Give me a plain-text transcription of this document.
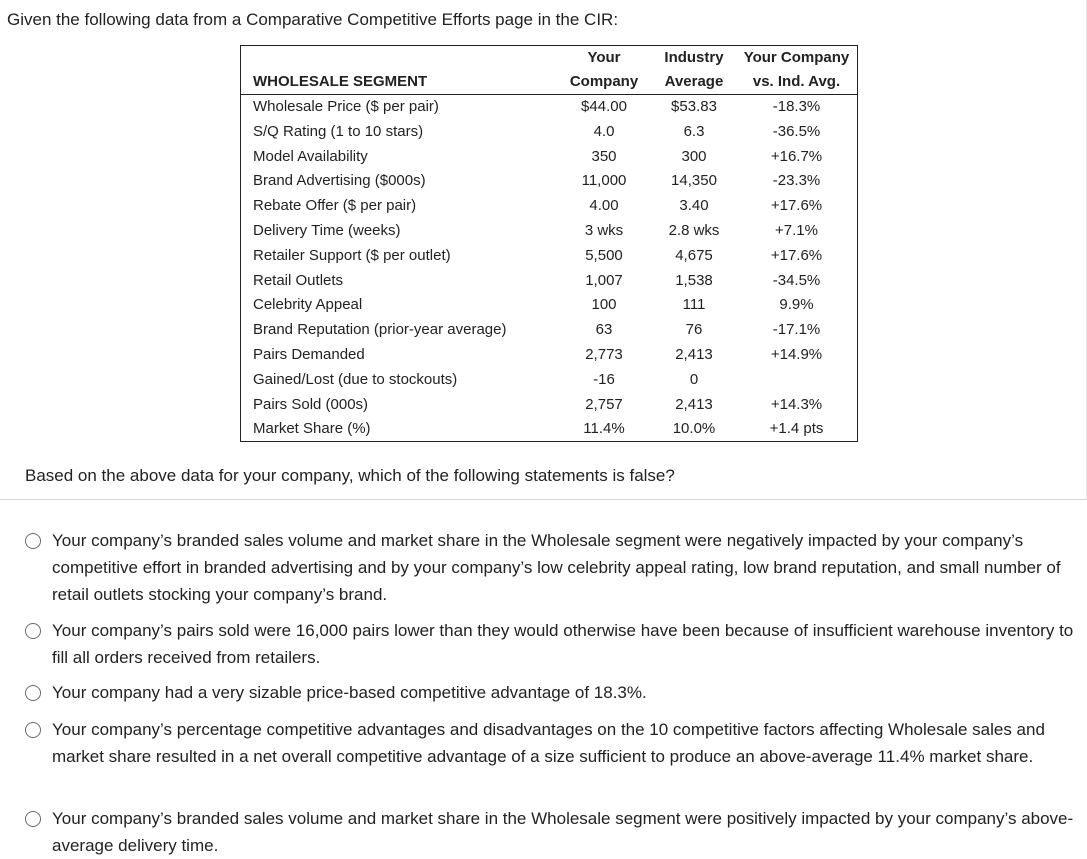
Given the following data from a Comparative Competitive Efforts page in the CIR:
	Your	Industry	Your Company
WHOLESALE SEGMENT	Company	Average	vs. Ind. Avg.
Wholesale Price ($ per pair)	$44.00	$53.83	-18.3%
S/Q Rating (1 to 10 stars)	4.0	6.3	-36.5%
Model Availability	350	300	+16.7%
Brand Advertising ($000s)	11,000	14,350	-23.3%
Rebate Offer ($ per pair)	4.00	3.40	+17.6%
Delivery Time (weeks)	3 wks	2.8 wks	+7.1%
Retailer Support ($ per outlet)	5,500	4,675	+17.6%
Retail Outlets	1,007	1,538	-34.5%
Celebrity Appeal	100	111	9.9%
Brand Reputation (prior-year average)	63	76	-17.1%
Pairs Demanded	2,773	2,413	+14.9%
Gained/Lost (due to stockouts)	-16	0	
Pairs Sold (000s)	2,757	2,413	+14.3%
Market Share (%)	11.4%	10.0%	+1.4 pts
Based on the above data for your company, which of the following statements is false?
Your company’s branded sales volume and market share in the Wholesale segment were negatively impacted by your company’s competitive effort in branded advertising and by your company’s low celebrity appeal rating, low brand reputation, and small number of retail outlets stocking your company’s brand.
Your company’s pairs sold were 16,000 pairs lower than they would otherwise have been because of insufficient warehouse inventory to fill all orders received from retailers.
Your company had a very sizable price-based competitive advantage of 18.3%.
Your company’s percentage competitive advantages and disadvantages on the 10 competitive factors affecting Wholesale sales and market share resulted in a net overall competitive advantage of a size sufficient to produce an above-average 11.4% market share.
Your company’s branded sales volume and market share in the Wholesale segment were positively impacted by your company’s above-average delivery time.
